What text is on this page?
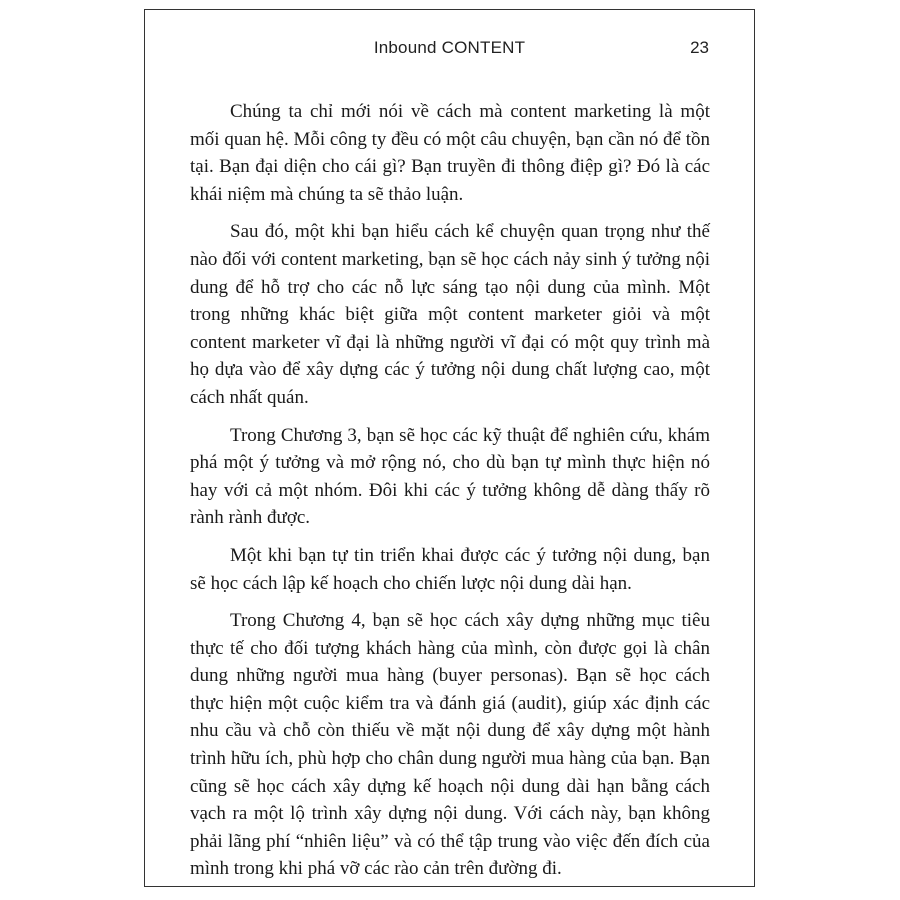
Inbound CONTENT	23

Chúng ta chỉ mới nói về cách mà content marketing là một mối quan hệ. Mỗi công ty đều có một câu chuyện, bạn cần nó để tồn tại. Bạn đại diện cho cái gì? Bạn truyền đi thông điệp gì? Đó là các khái niệm mà chúng ta sẽ thảo luận.

Sau đó, một khi bạn hiểu cách kể chuyện quan trọng như thế nào đối với content marketing, bạn sẽ học cách nảy sinh ý tưởng nội dung để hỗ trợ cho các nỗ lực sáng tạo nội dung của mình. Một trong những khác biệt giữa một content marketer giỏi và một content marketer vĩ đại là những người vĩ đại có một quy trình mà họ dựa vào để xây dựng các ý tưởng nội dung chất lượng cao, một cách nhất quán.

Trong Chương 3, bạn sẽ học các kỹ thuật để nghiên cứu, khám phá một ý tưởng và mở rộng nó, cho dù bạn tự mình thực hiện nó hay với cả một nhóm. Đôi khi các ý tưởng không dễ dàng thấy rõ rành rành được.

Một khi bạn tự tin triển khai được các ý tưởng nội dung, bạn sẽ học cách lập kế hoạch cho chiến lược nội dung dài hạn.

Trong Chương 4, bạn sẽ học cách xây dựng những mục tiêu thực tế cho đối tượng khách hàng của mình, còn được gọi là chân dung những người mua hàng (buyer personas). Bạn sẽ học cách thực hiện một cuộc kiểm tra và đánh giá (audit), giúp xác định các nhu cầu và chỗ còn thiếu về mặt nội dung để xây dựng một hành trình hữu ích, phù hợp cho chân dung người mua hàng của bạn. Bạn cũng sẽ học cách xây dựng kế hoạch nội dung dài hạn bằng cách vạch ra một lộ trình xây dựng nội dung. Với cách này, bạn không phải lãng phí “nhiên liệu” và có thể tập trung vào việc đến đích của mình trong khi phá vỡ các rào cản trên đường đi.
